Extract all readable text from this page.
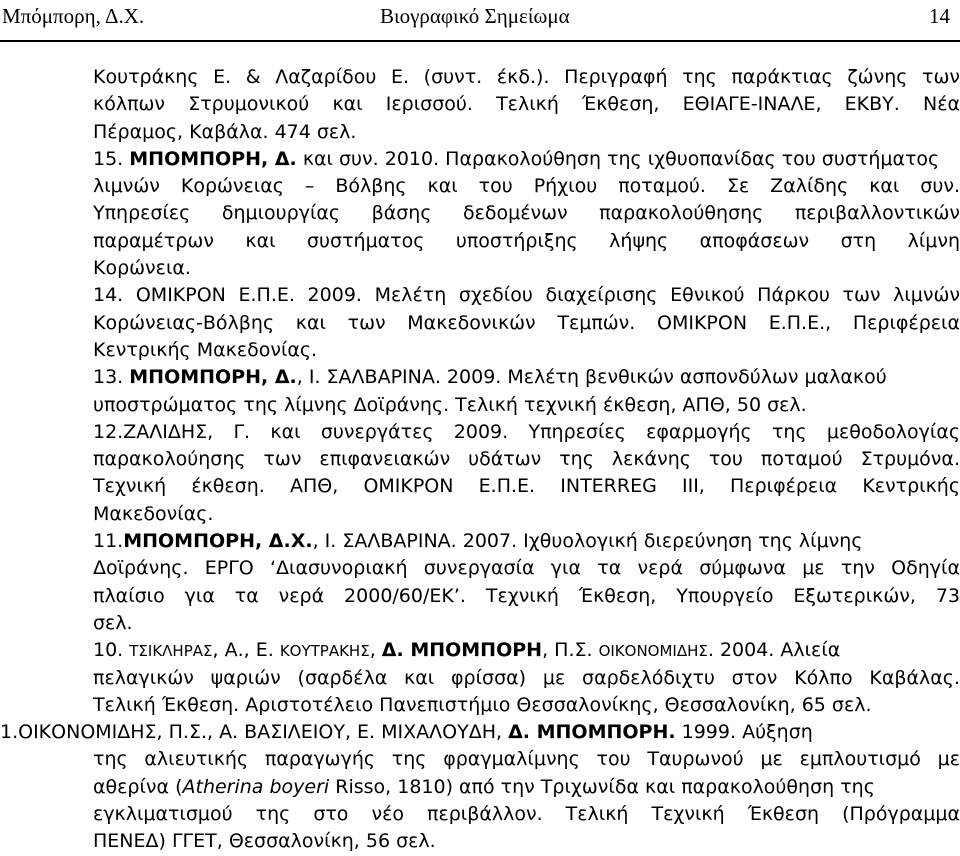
Μπόμπορη, Δ.Χ.	Βιογραφικό Σημείωμα	14
Κουτράκης Ε. & Λαζαρίδου Ε. (συντ. έκδ.). Περιγραφή της παράκτιας ζώνης των
κόλπων Στρυμονικού και Ιερισσού. Τελική Έκθεση, ΕΘΙΑΓΕ-ΙΝΑΛΕ, ΕΚΒΥ. Νέα
Πέραμος, Καβάλα. 474 σελ.
15. ΜΠΟΜΠΟΡΗ, Δ. και συν. 2010. Παρακολούθηση της ιχθυοπανίδας του συστήματος
λιμνών Κορώνειας – Βόλβης και του Ρήχιου ποταμού. Σε Ζαλίδης και συν.
Υπηρεσίες δημιουργίας βάσης δεδομένων παρακολούθησης περιβαλλοντικών
παραμέτρων και συστήματος υποστήριξης λήψης αποφάσεων στη λίμνη
Κορώνεια.
14. ΟΜΙΚΡΟΝ Ε.Π.Ε. 2009. Μελέτη σχεδίου διαχείρισης Εθνικού Πάρκου των λιμνών
Κορώνειας-Βόλβης και των Μακεδονικών Τεμπών. ΟΜΙΚΡΟΝ Ε.Π.Ε., Περιφέρεια
Κεντρικής Μακεδονίας.
13. ΜΠΟΜΠΟΡΗ, Δ., Ι. ΣΑΛΒΑΡΙΝΑ. 2009. Μελέτη βενθικών ασπονδύλων μαλακού
υποστρώματος της λίμνης Δοϊράνης. Τελική τεχνική έκθεση, ΑΠΘ, 50 σελ.
12.ΖΑΛΙΔΗΣ, Γ. και συνεργάτες 2009. Υπηρεσίες εφαρμογής της μεθοδολογίας
παρακολούησης των επιφανειακών υδάτων της λεκάνης του ποταμού Στρυμόνα.
Τεχνική έκθεση. ΑΠΘ, ΟΜΙΚΡΟΝ Ε.Π.Ε. INTERREG III, Περιφέρεια Κεντρικής
Μακεδονίας.
11.ΜΠΟΜΠΟΡΗ, Δ.Χ., Ι. ΣΑΛΒΑΡΙΝΑ. 2007. Ιχθυολογική διερεύνηση της λίμνης
Δοϊράνης. ΕΡΓΟ ‘Διασυνοριακή συνεργασία για τα νερά σύμφωνα με την Οδηγία
πλαίσιο για τα νερά 2000/60/ΕΚ’. Τεχνική Έκθεση, Υπουργείο Εξωτερικών, 73
σελ.
10. ΤΣΙΚΛΗΡΑΣ, Α., Ε. ΚΟΥΤΡΑΚΗΣ, Δ. ΜΠΟΜΠΟΡΗ, Π.Σ. ΟΙΚΟΝΟΜΙΔΗΣ. 2004. Αλιεία
πελαγικών ψαριών (σαρδέλα και φρίσσα) με σαρδελόδιχτυ στον Κόλπο Καβάλας.
Τελική Έκθεση. Αριστοτέλειο Πανεπιστήμιο Θεσσαλονίκης, Θεσσαλονίκη, 65 σελ.
1.ΟΙΚΟΝΟΜΙΔΗΣ, Π.Σ., Α. ΒΑΣΙΛΕΙΟΥ, Ε. ΜΙΧΑΛΟΥΔΗ, Δ. ΜΠΟΜΠΟΡΗ. 1999. Αύξηση
της αλιευτικής παραγωγής της φραγμαλίμνης του Ταυρωνού με εμπλουτισμό με
αθερίνα (Atherina boyeri Risso, 1810) από την Τριχωνίδα και παρακολούθηση της
εγκλιματισμού της στο νέο περιβάλλον. Τελική Τεχνική Έκθεση (Πρόγραμμα
ΠΕΝΕΔ) ΓΓΕΤ, Θεσσαλονίκη, 56 σελ.
